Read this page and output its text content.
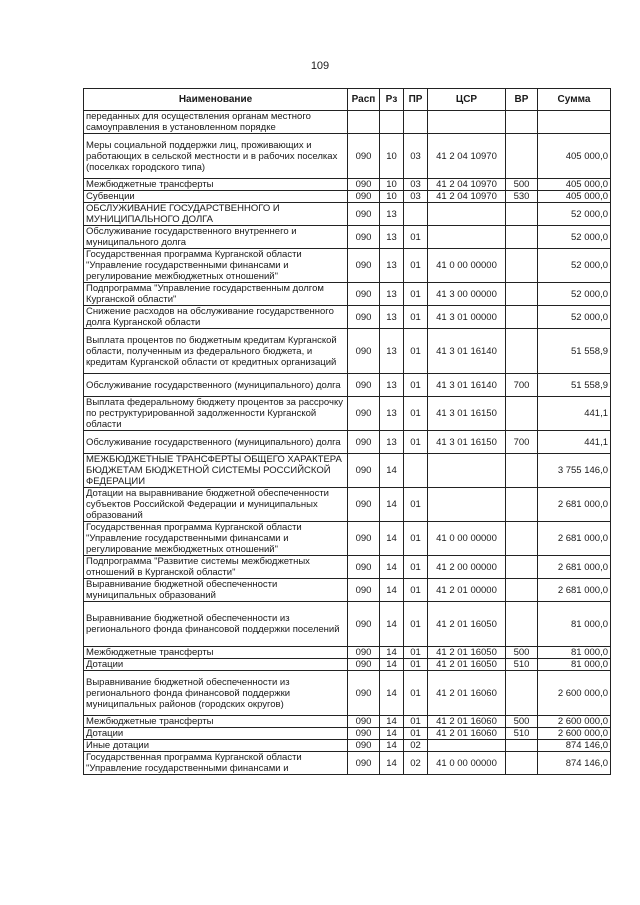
109
Наименование	Расп	Рз	ПР	ЦСР	ВР	Сумма
переданных для осуществления органам местного самоуправления в установленном порядке						
Меры социальной поддержки лиц, проживающих и работающих в сельской местности и в рабочих поселках (поселках городского типа)	090	10	03	41 2 04 10970		405 000,0
Межбюджетные трансферты	090	10	03	41 2 04 10970	500	405 000,0
Субвенции	090	10	03	41 2 04 10970	530	405 000,0
ОБСЛУЖИВАНИЕ ГОСУДАРСТВЕННОГО И МУНИЦИПАЛЬНОГО ДОЛГА	090	13				52 000,0
Обслуживание государственного внутреннего и муниципального долга	090	13	01			52 000,0
Государственная программа Курганской области "Управление государственными финансами и регулирование межбюджетных отношений"	090	13	01	41 0 00 00000		52 000,0
Подпрограмма "Управление государственным долгом Курганской области"	090	13	01	41 3 00 00000		52 000,0
Снижение расходов на обслуживание государственного долга Курганской области	090	13	01	41 3 01 00000		52 000,0
Выплата процентов по бюджетным кредитам Курганской области, полученным из федерального бюджета, и кредитам Курганской области от кредитных организаций	090	13	01	41 3 01 16140		51 558,9
Обслуживание государственного (муниципального) долга	090	13	01	41 3 01 16140	700	51 558,9
Выплата федеральному бюджету процентов за рассрочку по реструктурированной задолженности Курганской области	090	13	01	41 3 01 16150		441,1
Обслуживание государственного (муниципального) долга	090	13	01	41 3 01 16150	700	441,1
МЕЖБЮДЖЕТНЫЕ ТРАНСФЕРТЫ ОБЩЕГО ХАРАКТЕРА БЮДЖЕТАМ БЮДЖЕТНОЙ СИСТЕМЫ РОССИЙСКОЙ ФЕДЕРАЦИИ	090	14				3 755 146,0
Дотации на выравнивание бюджетной обеспеченности субъектов Российской Федерации и муниципальных образований	090	14	01			2 681 000,0
Государственная программа Курганской области "Управление государственными финансами и регулирование межбюджетных отношений"	090	14	01	41 0 00 00000		2 681 000,0
Подпрограмма "Развитие системы межбюджетных отношений в Курганской области"	090	14	01	41 2 00 00000		2 681 000,0
Выравнивание бюджетной обеспеченности муниципальных образований	090	14	01	41 2 01 00000		2 681 000,0
Выравнивание бюджетной обеспеченности из регионального фонда финансовой поддержки поселений	090	14	01	41 2 01 16050		81 000,0
Межбюджетные трансферты	090	14	01	41 2 01 16050	500	81 000,0
Дотации	090	14	01	41 2 01 16050	510	81 000,0
Выравнивание бюджетной обеспеченности из регионального фонда финансовой поддержки муниципальных районов (городских округов)	090	14	01	41 2 01 16060		2 600 000,0
Межбюджетные трансферты	090	14	01	41 2 01 16060	500	2 600 000,0
Дотации	090	14	01	41 2 01 16060	510	2 600 000,0
Иные дотации	090	14	02			874 146,0
Государственная программа Курганской области "Управление государственными финансами и	090	14	02	41 0 00 00000		874 146,0
